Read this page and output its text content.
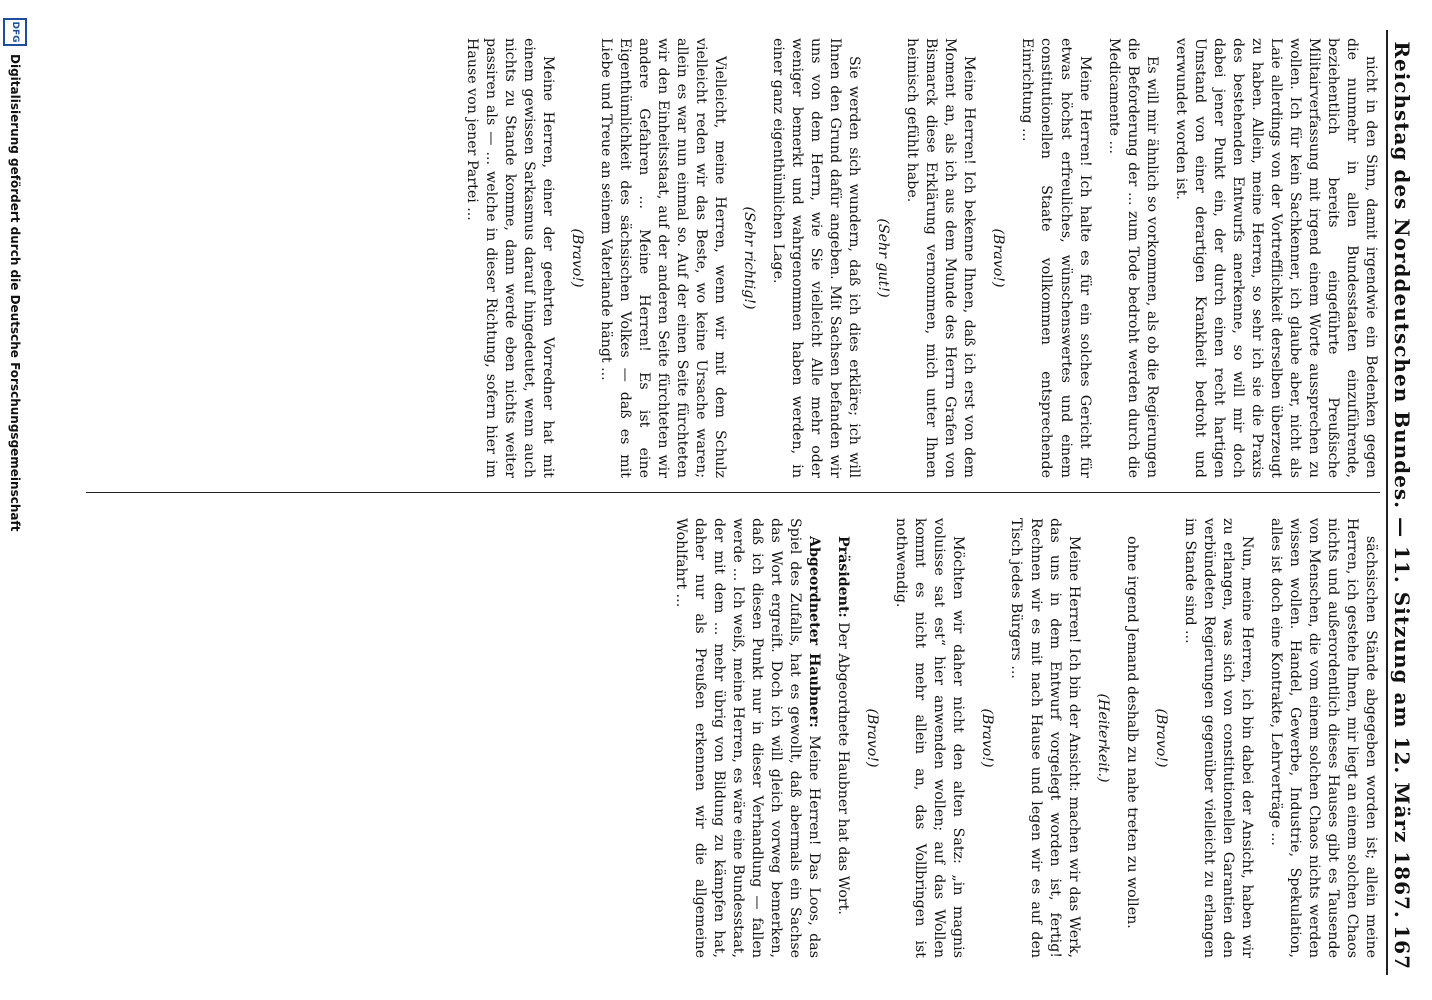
Reichstag des Norddeutschen Bundes. — 11. Sitzung am 12. März 1867.
167

nicht in den Sinn, damit irgendwie ein Bedenken gegen die nunmehr in allen Bundesstaaten einzuführende, beziehentlich bereits eingeführte Preußische Militairverfassung mit irgend einem Worte aussprechen zu wollen. Ich für kein Sachkenner, ich glaube aber, nicht als Laie allerdings von der Vortrefflichkeit derselben überzeugt zu haben. Allein, meine Herren, so sehr ich sie die Praxis des bestehenden Entwurfs anerkenne, so will mir doch dabei jener Punkt ein, der durch einen recht hartigen Umstand von einer derartigen Krankheit bedroht und verwundet worden ist.

Es will mir ähnlich so vorkommen, als ob die Regierungen die Beforderung der ... zum Tode bedroht werden durch die Medicamente ...

Meine Herren! Ich halte es für ein solches Gericht für etwas höchst erfreuliches, wünschenswertes und einem constitutionellen Staate vollkommen entsprechende Einrichtung ...

(Bravo!)

Meine Herren! Ich bekenne Ihnen, daß ich erst von dem Moment an, als ich aus dem Munde des Herrn Grafen von Bismarck diese Erklärung vernommen, mich unter Ihnen heimisch gefühlt habe.

(Sehr gut!)

Sie werden sich wundern, daß ich dies erkläre; ich will Ihnen den Grund dafür angeben. Mit Sachsen befanden wir uns von dem Herrn, wie Sie vielleicht Alle mehr oder weniger bemerkt und wahrgenommen haben werden, in einer ganz eigenthümlichen Lage.

(Sehr richtig!)

Vielleicht, meine Herren, wenn wir mit dem Schulz vielleicht reden wir das Beste, wo keine Ursache waren; allein es war nun einmal so. Auf der einen Seite fürchteten wir den Einheitsstaat, auf der anderen Seite fürchteten wir andere Gefahren ... Meine Herren! Es ist eine Eigenthümlichkeit des sächsischen Volkes — daß es mit Liebe und Treue an seinem Vaterlande hängt ...

(Bravo!)

Meine Herren, einer der geehrten Vorredner hat mit einem gewissen Sarkasmus darauf hingedeutet, wenn auch nichts zu Stande komme, dann werde eben nichts weiter passiren als — ... welche in dieser Richtung, sofern hier im Hause von jener Partei ...

sächsischen Stände abgegeben worden ist; allein meine Herren, ich gestehe Ihnen, mir liegt an einem solchen Chaos nichts und außerordentlich dieses Hauses gibt es Tausende von Menschen, die vom einem solchen Chaos nichts werden wissen wollen. Handel, Gewerbe, Industrie, Spekulation, alles ist doch eine Kontrakte, Lehrverträge ...

Nun, meine Herren, ich bin dabei der Ansicht, haben wir zu erlangen, was sich von constitutionellen Garantien den verbündeten Regierungen gegenüber vielleicht zu erlangen im Stande sind ...

(Bravo!)

ohne irgend Jemand deshalb zu nahe treten zu wollen.

(Heiterkeit.)

Meine Herren! Ich bin der Ansicht: machen wir das Werk, das uns in dem Entwurf vorgelegt worden ist, fertig! Rechnen wir es mit nach Hause und legen wir es auf den Tisch jedes Bürgers ...

(Bravo!)

Möchten wir daher nicht den alten Satz: „in magnis voluisse sat est“ hier anwenden wollen; auf das Wollen kommt es nicht mehr allein an, das Vollbringen ist nothwendig.

(Bravo!)

Präsident: Der Abgeordnete Haubner hat das Wort.

Abgeordneter Haubner: Meine Herren! Das Loos, das Spiel des Zufalls, hat es gewollt, daß abermals ein Sachse das Wort ergreift. Doch ich will gleich vorweg bemerken, daß ich diesen Punkt nur in dieser Verhandlung — fallen werde ... Ich weiß, meine Herren, es wäre eine Bundesstaat, der mit dem ... mehr übrig von Bildung zu kämpfen hat, daher nur als Preußen erkennen wir die allgemeine Wohlfahrt ...

DFG
Digitalisierung gefördert durch die Deutsche Forschungsgemeinschaft
